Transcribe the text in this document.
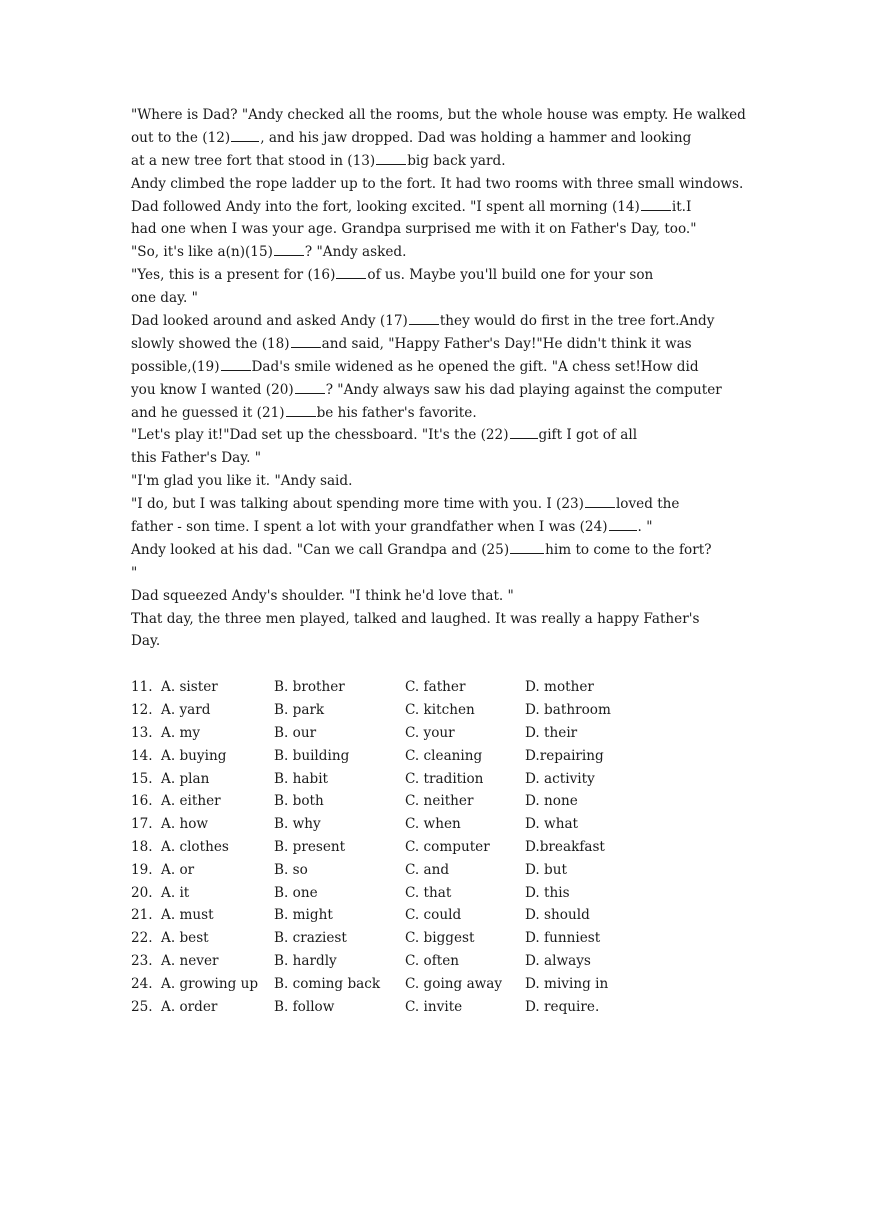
"Where is Dad? "Andy checked all the rooms, but the whole house was empty. He walked
out to the (12) , and his jaw dropped. Dad was holding a hammer and looking
at a new tree fort that stood in (13) big back yard.
Andy climbed the rope ladder up to the fort. It had two rooms with three small windows.
Dad followed Andy into the fort, looking excited. "I spent all morning (14) it.I
had one when I was your age. Grandpa surprised me with it on Father's Day, too."
"So, it's like a(n)(15) ? "Andy asked.
"Yes, this is a present for (16) of us. Maybe you'll build one for your son
one day. "
Dad looked around and asked Andy (17) they would do first in the tree fort.Andy
slowly showed the (18) and said, "Happy Father's Day!"He didn't think it was
possible,(19) Dad's smile widened as he opened the gift. "A chess set!How did
you know I wanted (20) ? "Andy always saw his dad playing against the computer
and he guessed it (21) be his father's favorite.
"Let's play it!"Dad set up the chessboard. "It's the (22) gift I got of all
this Father's Day. "
"I'm glad you like it. "Andy said.
"I do, but I was talking about spending more time with you. I (23) loved the
father - son time. I spent a lot with your grandfather when I was (24) . "
Andy looked at his dad. "Can we call Grandpa and (25)	him to come to the fort?
"
Dad squeezed Andy's shoulder. "I think he'd love that. "
That day, the three men played, talked and laughed. It was really a happy Father's
Day.
11. A. sister	B. brother	C. father	D. mother
12. A. yard	B. park	C. kitchen	D. bathroom
13. A. my	B. our	C. your	D. their
14. A. buying	B. building	C. cleaning	D.repairing
15. A. plan	B. habit	C. tradition	D. activity
16. A. either	B. both	C. neither	D. none
17. A. how	B. why	C. when	D. what
18. A. clothes	B. present	C. computer	D.breakfast
19. A. or	B. so	C. and	D. but
20. A. it	B. one	C. that	D. this
21. A. must	B. might	C. could	D. should
22. A. best	B. craziest	C. biggest	D. funniest
23. A. never	B. hardly	C. often	D. always
24. A. growing up	B. coming back	C. going away	D. miving in
25. A. order	B. follow	C. invite	D. require.
